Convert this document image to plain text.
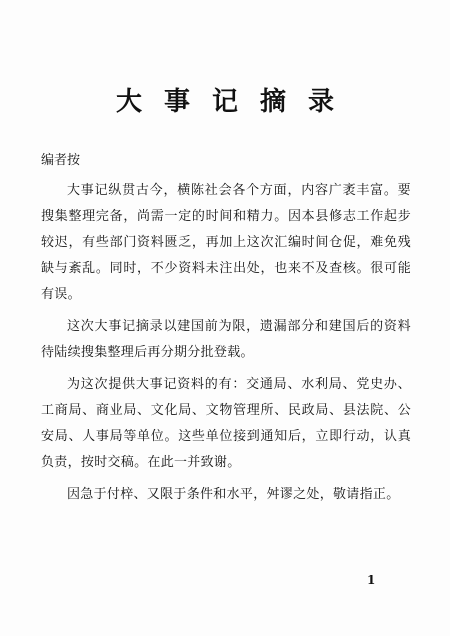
大事记摘录

编者按

大事记纵贯古今，横陈社会各个方面，内容广袤丰富。要搜集整理完备，尚需一定的时间和精力。因本县修志工作起步较迟，有些部门资料匮乏，再加上这次汇编时间仓促，难免残缺与紊乱。同时，不少资料未注出处，也来不及查核。很可能有误。

这次大事记摘录以建国前为限，遗漏部分和建国后的资料待陆续搜集整理后再分期分批登载。

为这次提供大事记资料的有：交通局、水利局、党史办、工商局、商业局、文化局、文物管理所、民政局、县法院、公安局、人事局等单位。这些单位接到通知后，立即行动，认真负责，按时交稿。在此一并致谢。

因急于付梓、又限于条件和水平，舛谬之处，敬请指正。

1
